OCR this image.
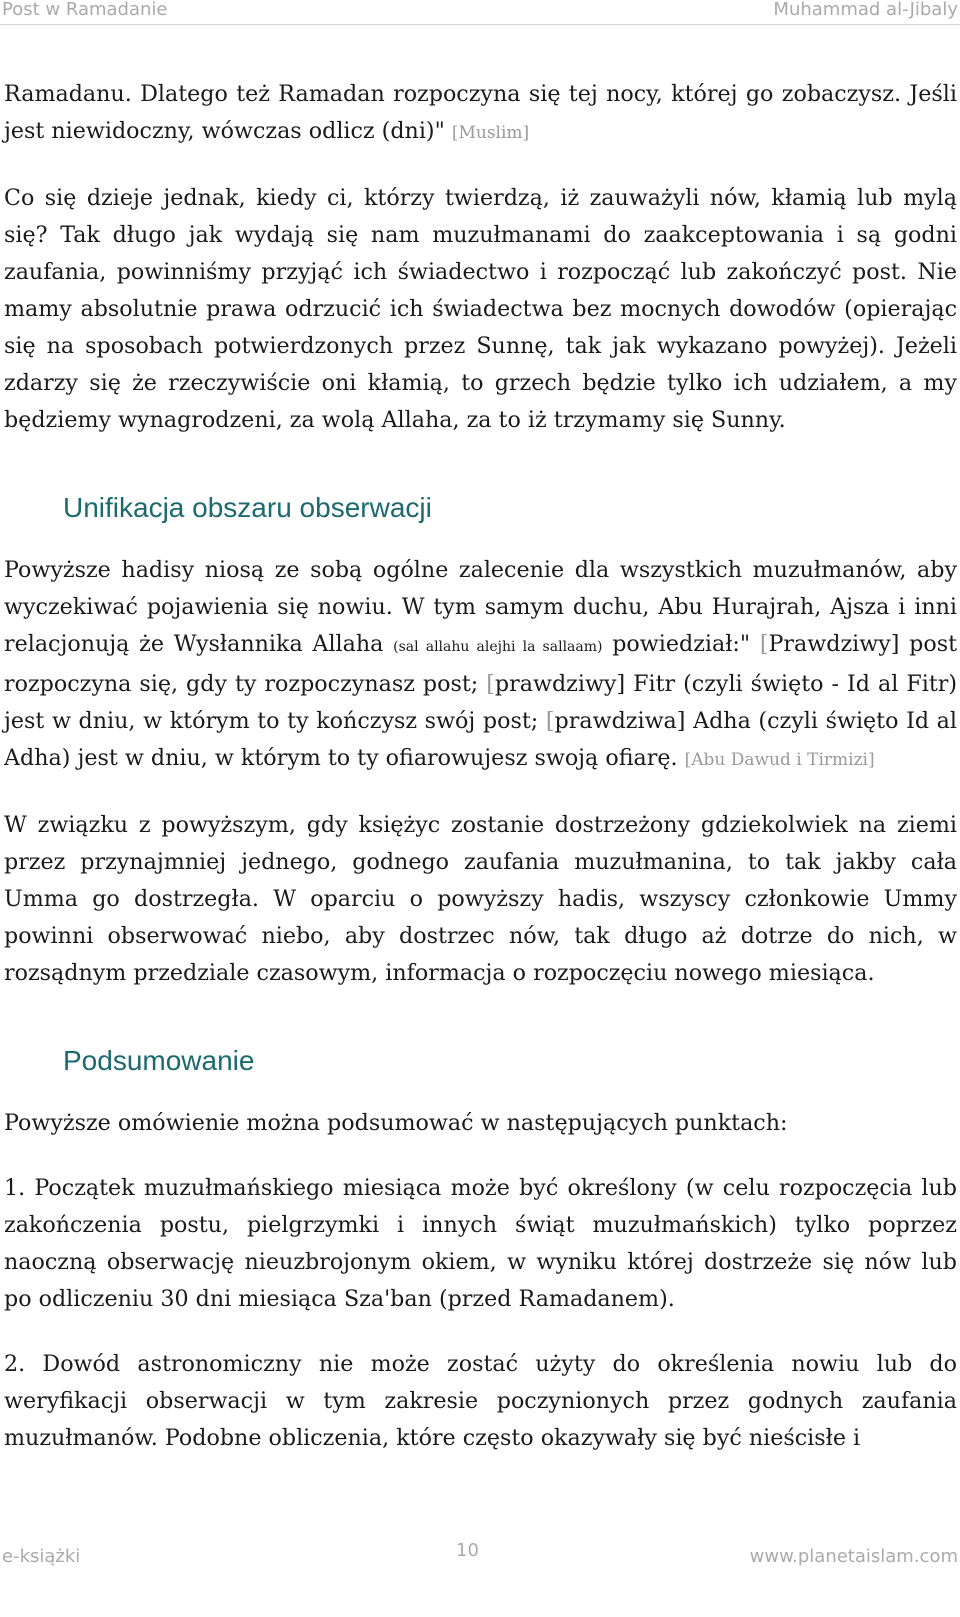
Post w Ramadanie	Muhammad al-Jibaly

Ramadanu. Dlatego też Ramadan rozpoczyna się tej nocy, której go zobaczysz. Jeśli jest niewidoczny, wówczas odlicz (dni)" [Muslim]

Co się dzieje jednak, kiedy ci, którzy twierdzą, iż zauważyli nów, kłamią lub mylą się? Tak długo jak wydają się nam muzułmanami do zaakceptowania i są godni zaufania, powinniśmy przyjąć ich świadectwo i rozpocząć lub zakończyć post. Nie mamy absolutnie prawa odrzucić ich świadectwa bez mocnych dowodów (opierając się na sposobach potwierdzonych przez Sunnę, tak jak wykazano powyżej). Jeżeli zdarzy się że rzeczywiście oni kłamią, to grzech będzie tylko ich udziałem, a my będziemy wynagrodzeni, za wolą Allaha, za to iż trzymamy się Sunny.

Unifikacja obszaru obserwacji

Powyższe hadisy niosą ze sobą ogólne zalecenie dla wszystkich muzułmanów, aby wyczekiwać pojawienia się nowiu. W tym samym duchu, Abu Hurajrah, Ajsza i inni relacjonują że Wysłannika Allaha (sal allahu alejhi la sallaam) powiedział:" [Prawdziwy] post rozpoczyna się, gdy ty rozpoczynasz post; [prawdziwy] Fitr (czyli święto - Id al Fitr) jest w dniu, w którym to ty kończysz swój post; [prawdziwa] Adha (czyli święto Id al Adha) jest w dniu, w którym to ty ofiarowujesz swoją ofiarę. [Abu Dawud i Tirmizi]

W związku z powyższym, gdy księżyc zostanie dostrzeżony gdziekolwiek na ziemi przez przynajmniej jednego, godnego zaufania muzułmanina, to tak jakby cała Umma go dostrzegła. W oparciu o powyższy hadis, wszyscy członkowie Ummy powinni obserwować niebo, aby dostrzec nów, tak długo aż dotrze do nich, w rozsądnym przedziale czasowym, informacja o rozpoczęciu nowego miesiąca.

Podsumowanie

Powyższe omówienie można podsumować w następujących punktach:

1. Początek muzułmańskiego miesiąca może być określony (w celu rozpoczęcia lub zakończenia postu, pielgrzymki i innych świąt muzułmańskich) tylko poprzez naoczną obserwację nieuzbrojonym okiem, w wyniku której dostrzeże się nów lub po odliczeniu 30 dni miesiąca Sza'ban (przed Ramadanem).

2. Dowód astronomiczny nie może zostać użyty do określenia nowiu lub do weryfikacji obserwacji w tym zakresie poczynionych przez godnych zaufania muzułmanów. Podobne obliczenia, które często okazywały się być nieścisłe i

e-książki	10	www.planetaislam.com
